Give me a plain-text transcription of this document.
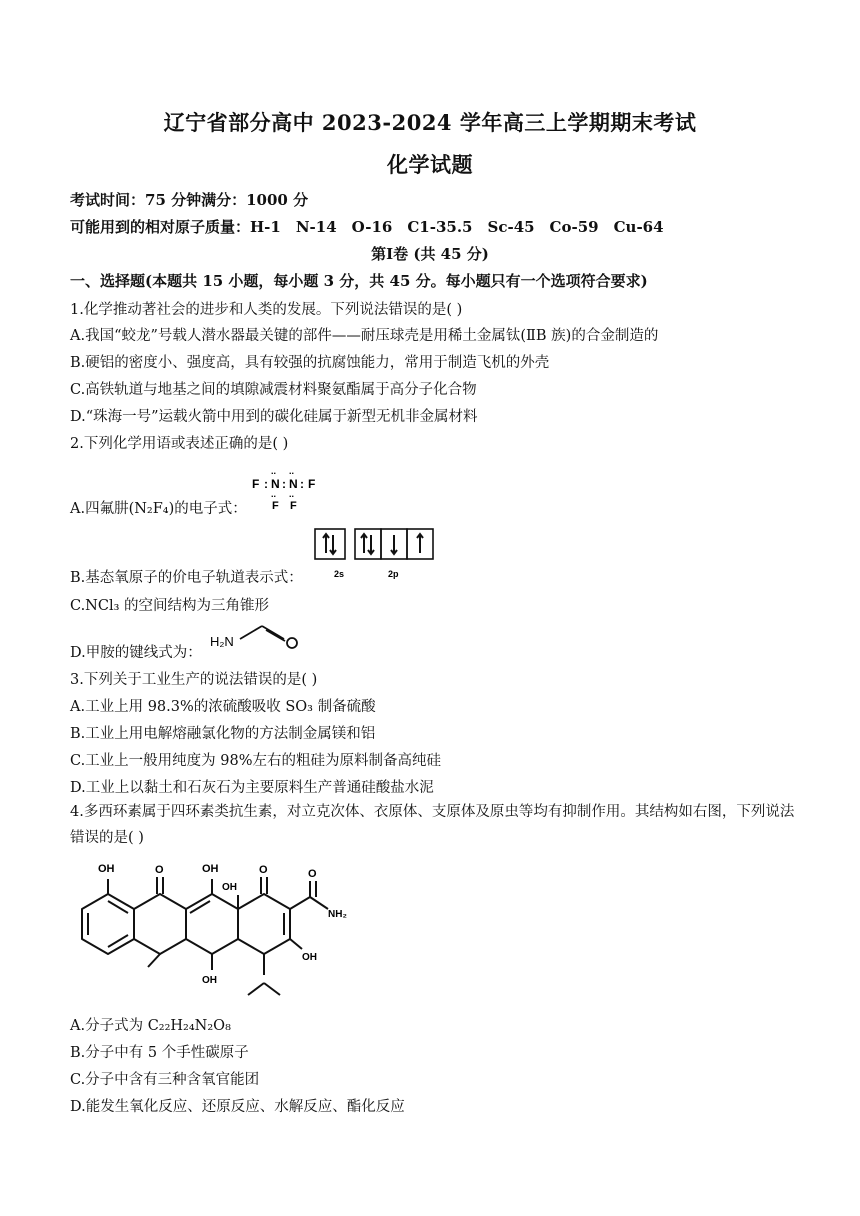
辽宁省部分高中 2023-2024 学年高三上学期期末考试
化学试题
考试时间：75 分钟满分：1000 分
可能用到的相对原子质量：H-1　N-14　O-16　C1-35.5　Sc-45　Co-59　Cu-64
第Ⅰ卷 (共 45 分)
一、选择题(本题共 15 小题，每小题 3 分，共 45 分。每小题只有一个选项符合要求)
1.化学推动著社会的进步和人类的发展。下列说法错误的是( )
A.我国“蛟龙”号载人潜水器最关键的部件——耐压球壳是用稀土金属钛(ⅡB 族)的合金制造的
B.硬铝的密度小、强度高，具有较强的抗腐蚀能力，常用于制造飞机的外壳
C.高铁轨道与地基之间的填隙减震材料聚氨酯属于高分子化合物
D.“珠海一号”运载火箭中用到的碳化硅属于新型无机非金属材料
2.下列化学用语或表述正确的是( )
F : N : N : F
.. ..
.. ..
F F
A.四氟肼(N₂F₄)的电子式：
2s	2p
B.基态氧原子的价电子轨道表示式：
C.NCl₃ 的空间结构为三角锥形
H₂N
D.甲胺的键线式为：
3.下列关于工业生产的说法错误的是( )
A.工业上用 98.3%的浓硫酸吸收 SO₃ 制备硫酸
B.工业上用电解熔融氯化物的方法制金属镁和铝
C.工业上一般用纯度为 98%左右的粗硅为原料制备高纯硅
D.工业上以黏土和石灰石为主要原料生产普通硅酸盐水泥
4.多西环素属于四环素类抗生素，对立克次体、衣原体、支原体及原虫等均有抑制作用。其结构如右图，下列说法错误的是( )
OH	O	OH
OH
O	O
NH₂
OH
OH
A.分子式为 C₂₂H₂₄N₂O₈
B.分子中有 5 个手性碳原子
C.分子中含有三种含氧官能团
D.能发生氧化反应、还原反应、水解反应、酯化反应
